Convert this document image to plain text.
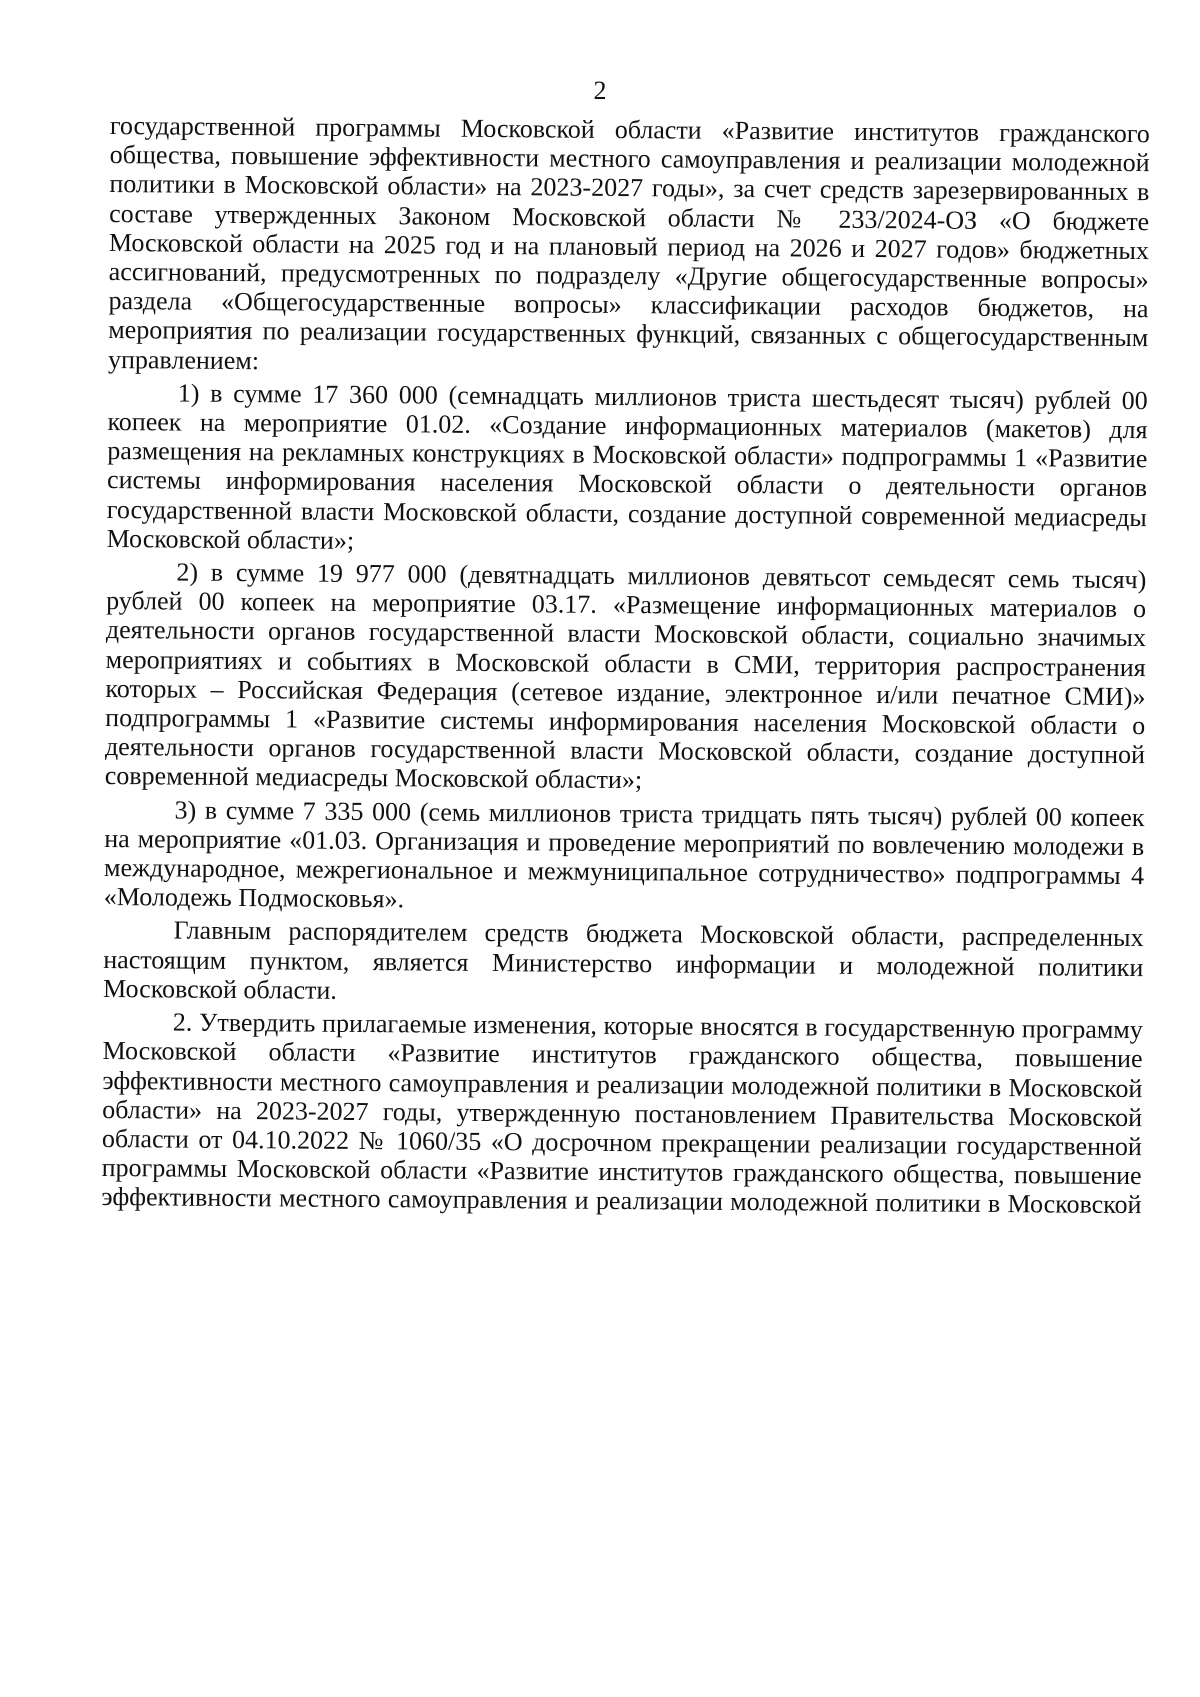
2

государственной программы Московской области «Развитие институтов гражданского общества, повышение эффективности местного самоуправления и реализации молодежной политики в Московской области» на 2023-2027 годы», за счет средств зарезервированных в составе утвержденных Законом Московской области № 233/2024-ОЗ «О бюджете Московской области на 2025 год и на плановый период на 2026 и 2027 годов» бюджетных ассигнований, предусмотренных по подразделу «Другие общегосударственные вопросы» раздела «Общегосударственные вопросы» классификации расходов бюджетов, на мероприятия по реализации государственных функций, связанных с общегосударственным управлением:

1) в сумме 17 360 000 (семнадцать миллионов триста шестьдесят тысяч) рублей 00 копеек на мероприятие 01.02. «Создание информационных материалов (макетов) для размещения на рекламных конструкциях в Московской области» подпрограммы 1 «Развитие системы информирования населения Московской области о деятельности органов государственной власти Московской области, создание доступной современной медиасреды Московской области»;

2) в сумме 19 977 000 (девятнадцать миллионов девятьсот семьдесят семь тысяч) рублей 00 копеек на мероприятие 03.17. «Размещение информационных материалов о деятельности органов государственной власти Московской области, социально значимых мероприятиях и событиях в Московской области в СМИ, территория распространения которых – Российская Федерация (сетевое издание, электронное и/или печатное СМИ)» подпрограммы 1 «Развитие системы информирования населения Московской области о деятельности органов государственной власти Московской области, создание доступной современной медиасреды Московской области»;

3) в сумме 7 335 000 (семь миллионов триста тридцать пять тысяч) рублей 00 копеек на мероприятие «01.03. Организация и проведение мероприятий по вовлечению молодежи в международное, межрегиональное и межмуниципальное сотрудничество» подпрограммы 4 «Молодежь Подмосковья».

Главным распорядителем средств бюджета Московской области, распределенных настоящим пунктом, является Министерство информации и молодежной политики Московской области.

2. Утвердить прилагаемые изменения, которые вносятся в государственную программу Московской области «Развитие институтов гражданского общества, повышение эффективности местного самоуправления и реализации молодежной политики в Московской области» на 2023-2027 годы, утвержденную постановлением Правительства Московской области от 04.10.2022 № 1060/35 «О досрочном прекращении реализации государственной программы Московской области «Развитие институтов гражданского общества, повышение эффективности местного самоуправления и реализации молодежной политики в Московской
